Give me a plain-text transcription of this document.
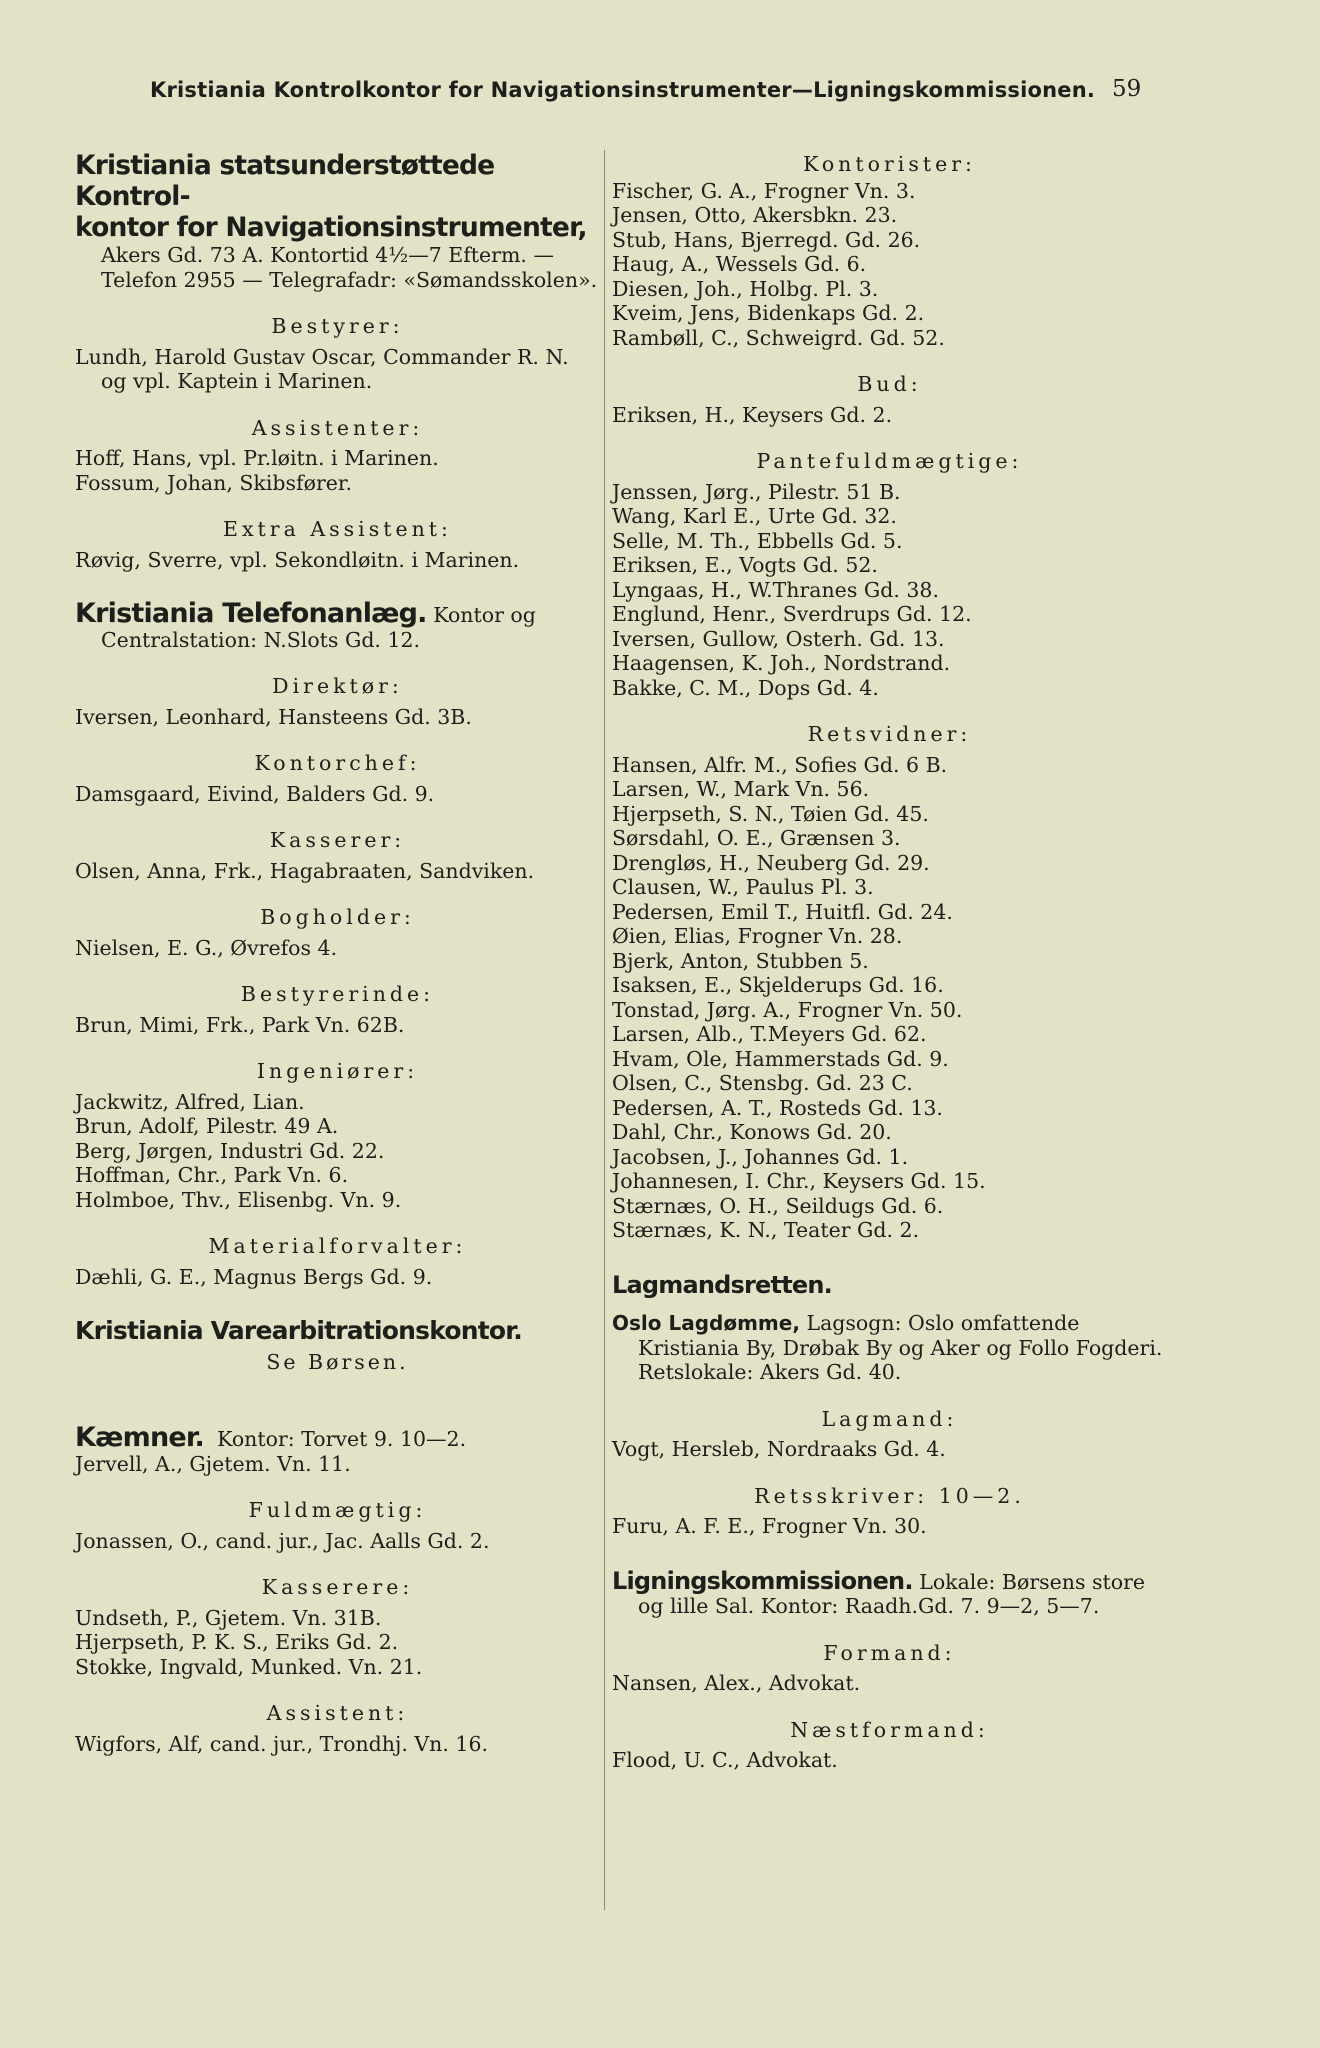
Kristiania Kontrolkontor for Navigationsinstrumenter—Ligningskommissionen. 59
Kristiania statsunderstøttede Kontrol-
kontor for Navigationsinstrumenter,

Akers Gd. 73 A. Kontortid 4½—7 Efterm. — Telefon 2955 — Telegrafadr: «Sømandsskolen».

Bestyrer:
Lundh, Harold Gustav Oscar, Commander R. N. og vpl. Kaptein i Marinen.
Assistenter:
Hoff, Hans, vpl. Pr.løitn. i Marinen.
Fossum, Johan, Skibsfører.
Extra Assistent:
Røvig, Sverre, vpl. Sekondløitn. i Marinen.

Kristiania Telefonanlæg. Kontor og Centralstation: N.Slots Gd. 12.

Direktør:
Iversen, Leonhard, Hansteens Gd. 3B.
Kontorchef:
Damsgaard, Eivind, Balders Gd. 9.
Kasserer:
Olsen, Anna, Frk., Hagabraaten, Sandviken.
Bogholder:
Nielsen, E. G., Øvrefos 4.
Bestyrerinde:
Brun, Mimi, Frk., Park Vn. 62B.
Ingeniører:
Jackwitz, Alfred, Lian.
Brun, Adolf, Pilestr. 49 A.
Berg, Jørgen, Industri Gd. 22.
Hoffman, Chr., Park Vn. 6.
Holmboe, Thv., Elisenbg. Vn. 9.
Materialforvalter:
Dæhli, G. E., Magnus Bergs Gd. 9.
Kristiania Varearbitrationskontor.
Se Børsen.

Kæmner. Kontor: Torvet 9. 10—2.

Jervell, A., Gjetem. Vn. 11.
Fuldmægtig:
Jonassen, O., cand. jur., Jac. Aalls Gd. 2.
Kasserere:
Undseth, P., Gjetem. Vn. 31B.
Hjerpseth, P. K. S., Eriks Gd. 2.
Stokke, Ingvald, Munked. Vn. 21.
Assistent:
Wigfors, Alf, cand. jur., Trondhj. Vn. 16.
Kontorister:
Fischer, G. A., Frogner Vn. 3.
Jensen, Otto, Akersbkn. 23.
Stub, Hans, Bjerregd. Gd. 26.
Haug, A., Wessels Gd. 6.
Diesen, Joh., Holbg. Pl. 3.
Kveim, Jens, Bidenkaps Gd. 2.
Rambøll, C., Schweigrd. Gd. 52.
Bud:
Eriksen, H., Keysers Gd. 2.
Pantefuldmægtige:
Jenssen, Jørg., Pilestr. 51 B.
Wang, Karl E., Urte Gd. 32.
Selle, M. Th., Ebbells Gd. 5.
Eriksen, E., Vogts Gd. 52.
Lyngaas, H., W.Thranes Gd. 38.
Englund, Henr., Sverdrups Gd. 12.
Iversen, Gullow, Osterh. Gd. 13.
Haagensen, K. Joh., Nordstrand.
Bakke, C. M., Dops Gd. 4.
Retsvidner:
Hansen, Alfr. M., Sofies Gd. 6 B.
Larsen, W., Mark Vn. 56.
Hjerpseth, S. N., Tøien Gd. 45.
Sørsdahl, O. E., Grænsen 3.
Drengløs, H., Neuberg Gd. 29.
Clausen, W., Paulus Pl. 3.
Pedersen, Emil T., Huitfl. Gd. 24.
Øien, Elias, Frogner Vn. 28.
Bjerk, Anton, Stubben 5.
Isaksen, E., Skjelderups Gd. 16.
Tonstad, Jørg. A., Frogner Vn. 50.
Larsen, Alb., T.Meyers Gd. 62.
Hvam, Ole, Hammerstads Gd. 9.
Olsen, C., Stensbg. Gd. 23 C.
Pedersen, A. T., Rosteds Gd. 13.
Dahl, Chr., Konows Gd. 20.
Jacobsen, J., Johannes Gd. 1.
Johannesen, I. Chr., Keysers Gd. 15.
Stærnæs, O. H., Seildugs Gd. 6.
Stærnæs, K. N., Teater Gd. 2.
Lagmandsretten.

Oslo Lagdømme, Lagsogn: Oslo omfattende Kristiania By, Drøbak By og Aker og Follo Fogderi. Retslokale: Akers Gd. 40.

Lagmand:
Vogt, Hersleb, Nordraaks Gd. 4.
Retsskriver: 10—2.
Furu, A. F. E., Frogner Vn. 30.

Ligningskommissionen. Lokale: Børsens store og lille Sal. Kontor: Raadh.Gd. 7. 9—2, 5—7.

Formand:
Nansen, Alex., Advokat.
Næstformand:
Flood, U. C., Advokat.
